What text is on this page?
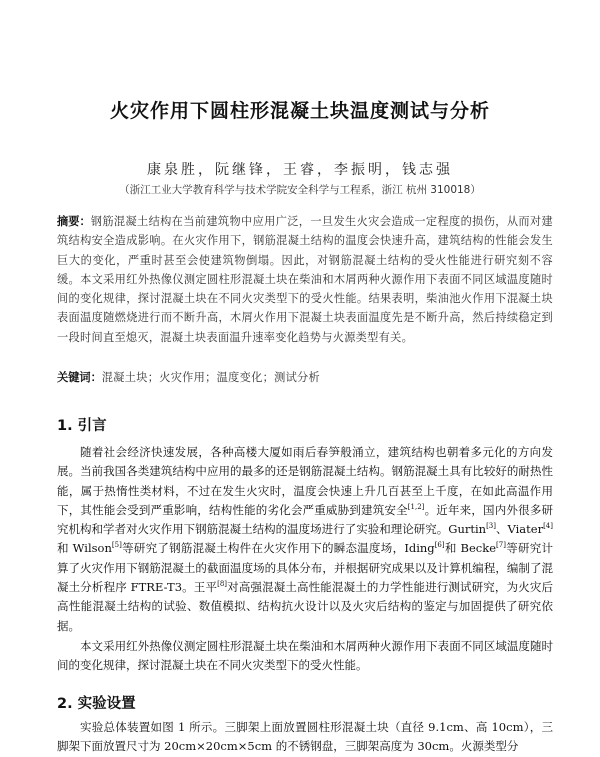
火灾作用下圆柱形混凝土块温度测试与分析
康泉胜，阮继锋，王睿，李振明，钱志强
（浙江工业大学教育科学与技术学院安全科学与工程系，浙江 杭州 310018）
摘要：钢筋混凝土结构在当前建筑物中应用广泛，一旦发生火灾会造成一定程度的损伤，从而对建筑结构安全造成影响。在火灾作用下，钢筋混凝土结构的温度会快速升高，建筑结构的性能会发生巨大的变化，严重时甚至会使建筑物倒塌。因此，对钢筋混凝土结构的受火性能进行研究刻不容缓。本文采用红外热像仪测定圆柱形混凝土块在柴油和木屑两种火源作用下表面不同区域温度随时间的变化规律，探讨混凝土块在不同火灾类型下的受火性能。结果表明，柴油池火作用下混凝土块表面温度随燃烧进行而不断升高，木屑火作用下混凝土块表面温度先是不断升高，然后持续稳定到一段时间直至熄灭，混凝土块表面温升速率变化趋势与火源类型有关。
关键词：混凝土块；火灾作用；温度变化；测试分析
1. 引言

随着社会经济快速发展，各种高楼大厦如雨后春笋般涌立，建筑结构也朝着多元化的方向发展。当前我国各类建筑结构中应用的最多的还是钢筋混凝土结构。钢筋混凝土具有比较好的耐热性能，属于热惰性类材料，不过在发生火灾时，温度会快速上升几百甚至上千度，在如此高温作用下，其性能会受到严重影响，结构性能的劣化会严重威胁到建筑安全[1,2]。近年来，国内外很多研究机构和学者对火灾作用下钢筋混凝土结构的温度场进行了实验和理论研究。Gurtin[3]、Viater[4]和 Wilson[5]等研究了钢筋混凝土构件在火灾作用下的瞬态温度场，Iding[6]和 Becke[7]等研究计算了火灾作用下钢筋混凝土的截面温度场的具体分布，并根据研究成果以及计算机编程，编制了混凝土分析程序 FTRE-T3。王平[8]对高强混凝土高性能混凝土的力学性能进行测试研究，为火灾后高性能混凝土结构的试验、数值模拟、结构抗火设计以及火灾后结构的鉴定与加固提供了研究依据。

本文采用红外热像仪测定圆柱形混凝土块在柴油和木屑两种火源作用下表面不同区域温度随时间的变化规律，探讨混凝土块在不同火灾类型下的受火性能。

2. 实验设置

实验总体装置如图 1 所示。三脚架上面放置圆柱形混凝土块（直径 9.1cm、高 10cm），三脚架下面放置尺寸为 20cm×20cm×5cm 的不锈钢盘，三脚架高度为 30cm。火源类型分
